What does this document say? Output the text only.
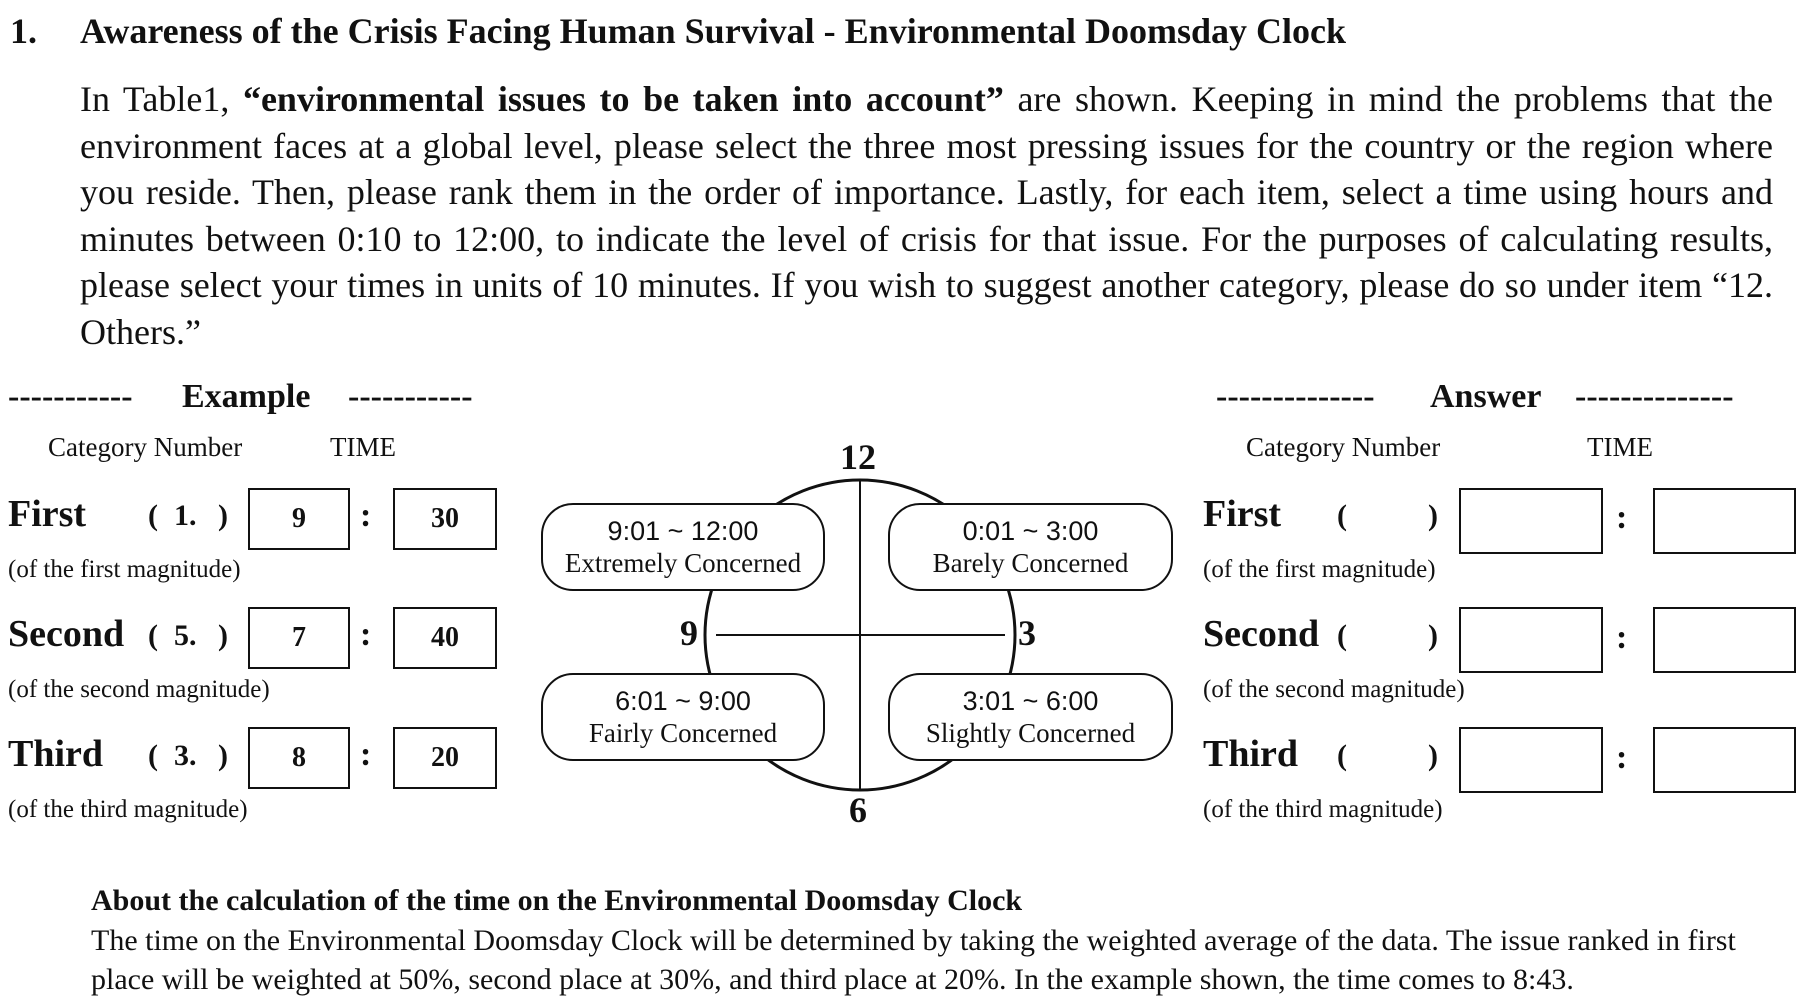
1. Awareness of the Crisis Facing Human Survival - Environmental Doomsday Clock
In Table1, “environmental issues to be taken into account” are shown. Keeping in mind the problems that the environment faces at a global level, please select the three most pressing issues for the country or the region where you reside. Then, please rank them in the order of importance. Lastly, for each item, select a time using hours and minutes between 0:10 to 12:00, to indicate the level of crisis for that issue. For the purposes of calculating results, please select your times in units of 10 minutes. If you wish to suggest another category, please do so under item “12. Others.”
----------- Example -----------
Category Number	TIME
First ( 1. ) 9 : 30
(of the first magnitude)
Second ( 5. ) 7 : 40
(of the second magnitude)
Third ( 3. ) 8 : 20
(of the third magnitude)
12
3
6
9
9:01 ~ 12:00
Extremely Concerned
0:01 ~ 3:00
Barely Concerned
6:01 ~ 9:00
Fairly Concerned
3:01 ~ 6:00
Slightly Concerned
-------------- Answer --------------
Category Number	TIME
First (	)	:
(of the first magnitude)
Second (	)	:
(of the second magnitude)
Third (	)	:
(of the third magnitude)
About the calculation of the time on the Environmental Doomsday Clock
The time on the Environmental Doomsday Clock will be determined by taking the weighted average of the data. The issue ranked in first place will be weighted at 50%, second place at 30%, and third place at 20%. In the example shown, the time comes to 8:43.
